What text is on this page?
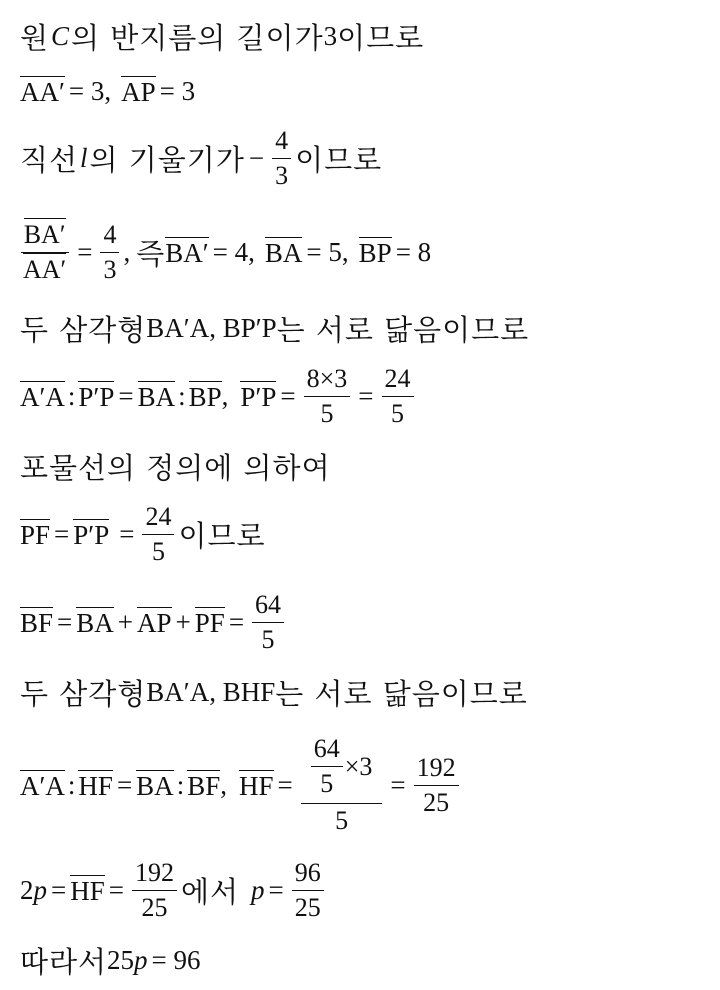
원 C 의 반지름의 길이가 3 이므로
AA′ = 3, AP = 3
직선 l 의 기울기가 − $\frac{4}{3}$ 이므로
$\frac{BA'}{AA'} = \frac{4}{3}$ , 즉 BA′ = 4, BA = 5, BP = 8
두 삼각형 BA′A, BP′P 는 서로 닮음이므로
A′A : P′P = BA : BP , $P'P = \frac{8\times 3}{5} = \frac{24}{5}$
포물선의 정의에 의하여
PF = $P'P = \frac{24}{5}$ 이므로
BF = BA + AP + PF = $\frac{64}{5}$
두 삼각형 BA′A, BHF 는 서로 닮음이므로
A′A : HF = BA : BF , HF = $\frac{\frac{64}{5} \times 3}{5} = \frac{192}{25}$
2 p = HF = $\frac{192}{25}$ 에서 $p = \frac{96}{25}$
따라서 25 p = 96
